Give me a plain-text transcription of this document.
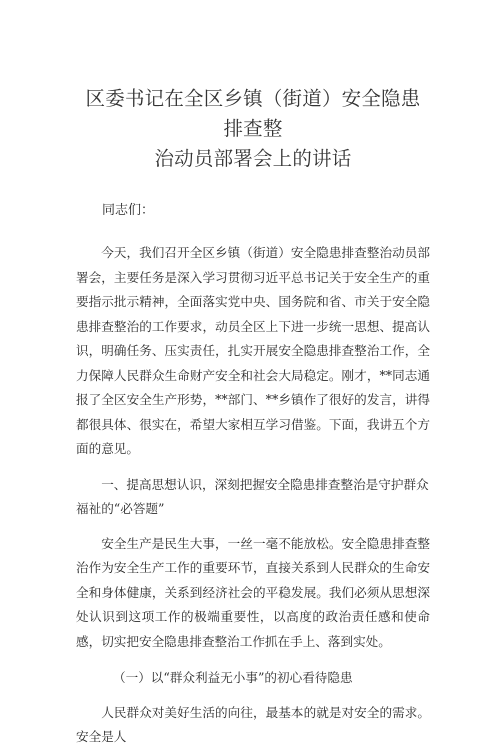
区委书记在全区乡镇（街道）安全隐患排查整
治动员部署会上的讲话

同志们：

今天，我们召开全区乡镇（街道）安全隐患排查整治动员部署会，主要任务是深入学习贯彻习近平总书记关于安全生产的重要指示批示精神，全面落实党中央、国务院和省、市关于安全隐患排查整治的工作要求，动员全区上下进一步统一思想、提高认识，明确任务、压实责任，扎实开展安全隐患排查整治工作，全力保障人民群众生命财产安全和社会大局稳定。刚才，**同志通报了全区安全生产形势，**部门、**乡镇作了很好的发言，讲得都很具体、很实在，希望大家相互学习借鉴。下面，我讲五个方面的意见。

一、提高思想认识，深刻把握安全隐患排查整治是守护群众福祉的“必答题”

安全生产是民生大事，一丝一毫不能放松。安全隐患排查整治作为安全生产工作的重要环节，直接关系到人民群众的生命安全和身体健康，关系到经济社会的平稳发展。我们必须从思想深处认识到这项工作的极端重要性，以高度的政治责任感和使命感，切实把安全隐患排查整治工作抓在手上、落到实处。

（一）以“群众利益无小事”的初心看待隐患

人民群众对美好生活的向往，最基本的就是对安全的需求。安全是人
